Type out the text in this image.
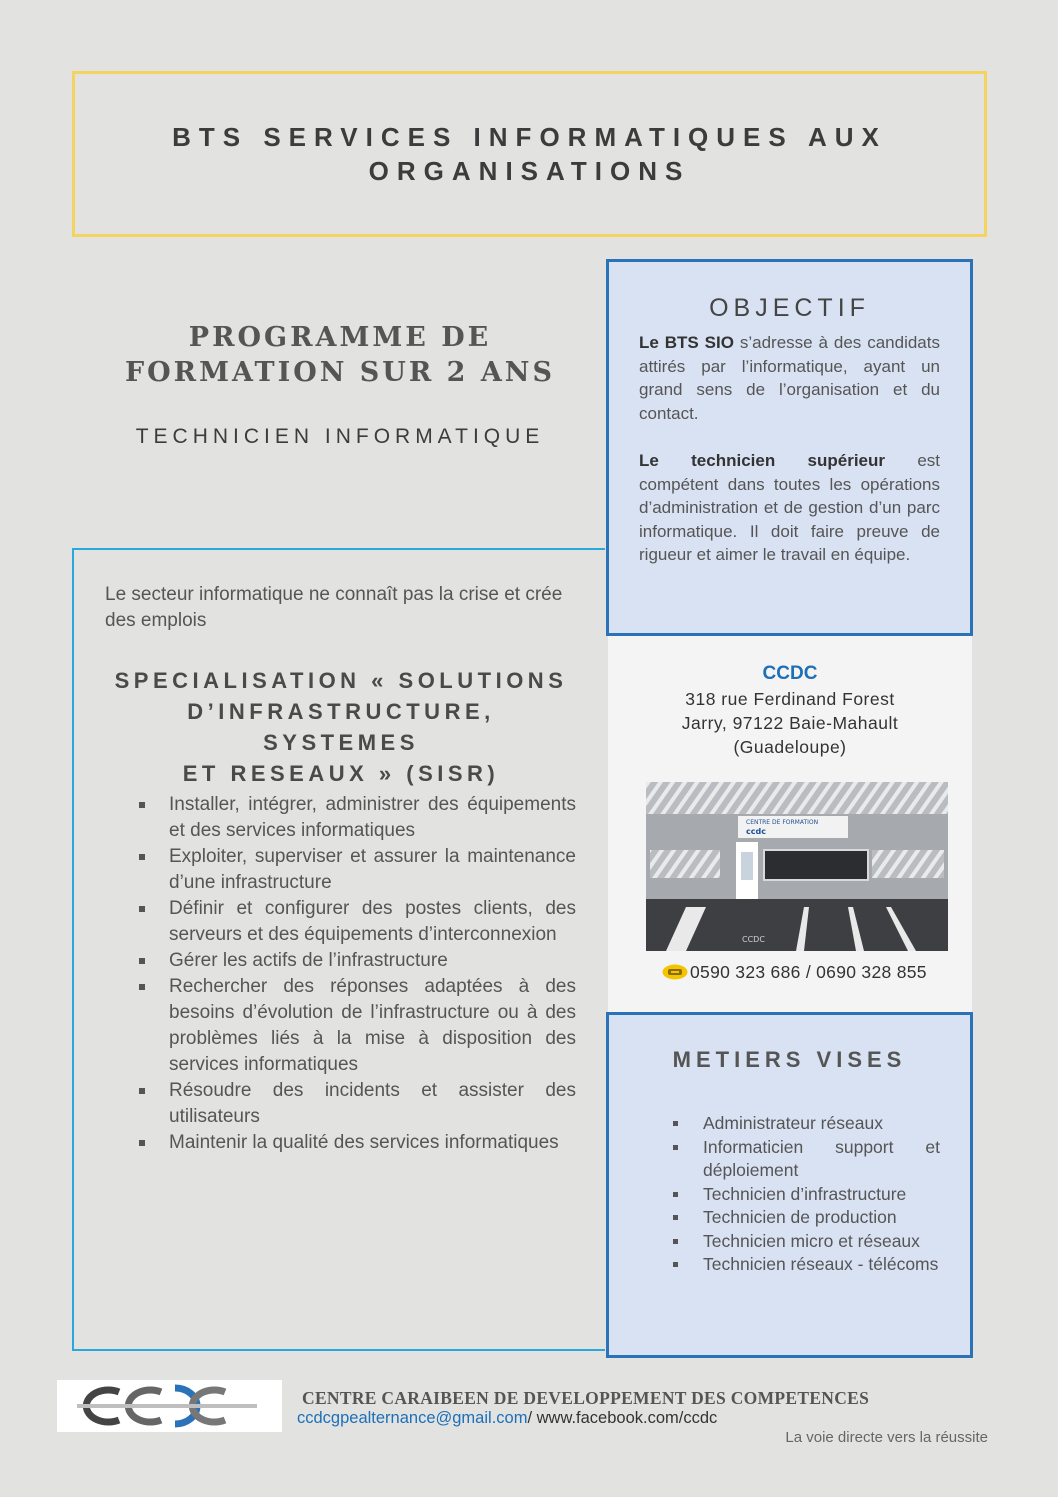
BTS SERVICES INFORMATIQUES AUX
ORGANISATIONS
PROGRAMME DE
FORMATION SUR 2 ANS
TECHNICIEN INFORMATIQUE
Le secteur informatique ne connaît pas la crise et crée des emplois
SPECIALISATION « SOLUTIONS
D’INFRASTRUCTURE, SYSTEMES
ET RESEAUX » (SISR)
Installer, intégrer, administrer des équipements et des services informatiques
Exploiter, superviser et assurer la maintenance d’une infrastructure
Définir et configurer des postes clients, des serveurs et des équipements d’interconnexion
Gérer les actifs de l’infrastructure
Rechercher des réponses adaptées à des besoins d’évolution de l’infrastructure ou à des problèmes liés à la mise à disposition des services informatiques
Résoudre des incidents et assister des utilisateurs
Maintenir la qualité des services informatiques
OBJECTIF
Le BTS SIO s’adresse à des candidats attirés par l’informatique, ayant un grand sens de l’organisation et du contact.
Le technicien supérieur est compétent dans toutes les opérations d’administration et de gestion d’un parc informatique. Il doit faire preuve de rigueur et aimer le travail en équipe.
CCDC
318 rue Ferdinand Forest
Jarry, 97122 Baie-Mahault
(Guadeloupe)
CENTRE DE FORMATION
ccdc
CCDC
0590 323 686 / 0690 328 855
METIERS VISES
Administrateur réseaux
Informaticien support et déploiement
Technicien d’infrastructure
Technicien de production
Technicien micro et réseaux
Technicien réseaux - télécoms
CENTRE CARAIBEEN DE DEVELOPPEMENT DES COMPETENCES
ccdcgpealternance@gmail.com/ www.facebook.com/ccdc
La voie directe vers la réussite
